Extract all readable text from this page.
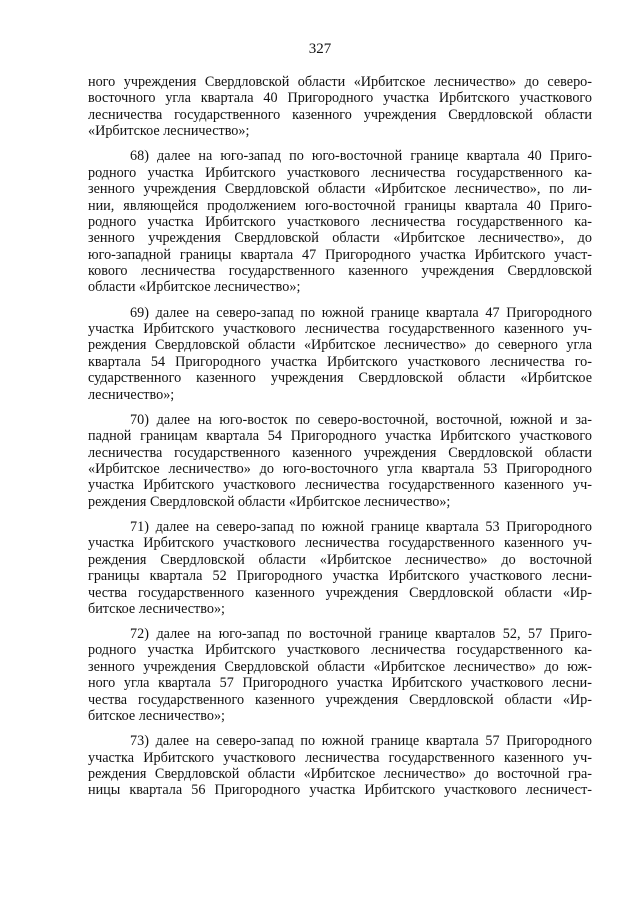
327
ного учреждения Свердловской области «Ирбитское лесничество» до северо-
восточного угла квартала 40 Пригородного участка Ирбитского участкового
лесничества государственного казенного учреждения Свердловской области
«Ирбитское лесничество»;
68) далее на юго-запад по юго-восточной границе квартала 40 Приго-
родного участка Ирбитского участкового лесничества государственного ка-
зенного учреждения Свердловской области «Ирбитское лесничество», по ли-
нии, являющейся продолжением юго-восточной границы квартала 40 Приго-
родного участка Ирбитского участкового лесничества государственного ка-
зенного учреждения Свердловской области «Ирбитское лесничество», до
юго-западной границы квартала 47 Пригородного участка Ирбитского участ-
кового лесничества государственного казенного учреждения Свердловской
области «Ирбитское лесничество»;
69) далее на северо-запад по южной границе квартала 47 Пригородного
участка Ирбитского участкового лесничества государственного казенного уч-
реждения Свердловской области «Ирбитское лесничество» до северного угла
квартала 54 Пригородного участка Ирбитского участкового лесничества го-
сударственного казенного учреждения Свердловской области «Ирбитское
лесничество»;
70) далее на юго-восток по северо-восточной, восточной, южной и за-
падной границам квартала 54 Пригородного участка Ирбитского участкового
лесничества государственного казенного учреждения Свердловской области
«Ирбитское лесничество» до юго-восточного угла квартала 53 Пригородного
участка Ирбитского участкового лесничества государственного казенного уч-
реждения Свердловской области «Ирбитское лесничество»;
71) далее на северо-запад по южной границе квартала 53 Пригородного
участка Ирбитского участкового лесничества государственного казенного уч-
реждения Свердловской области «Ирбитское лесничество» до восточной
границы квартала 52 Пригородного участка Ирбитского участкового лесни-
чества государственного казенного учреждения Свердловской области «Ир-
битское лесничество»;
72) далее на юго-запад по восточной границе кварталов 52, 57 Приго-
родного участка Ирбитского участкового лесничества государственного ка-
зенного учреждения Свердловской области «Ирбитское лесничество» до юж-
ного угла квартала 57 Пригородного участка Ирбитского участкового лесни-
чества государственного казенного учреждения Свердловской области «Ир-
битское лесничество»;
73) далее на северо-запад по южной границе квартала 57 Пригородного
участка Ирбитского участкового лесничества государственного казенного уч-
реждения Свердловской области «Ирбитское лесничество» до восточной гра-
ницы квартала 56 Пригородного участка Ирбитского участкового лесничест-
